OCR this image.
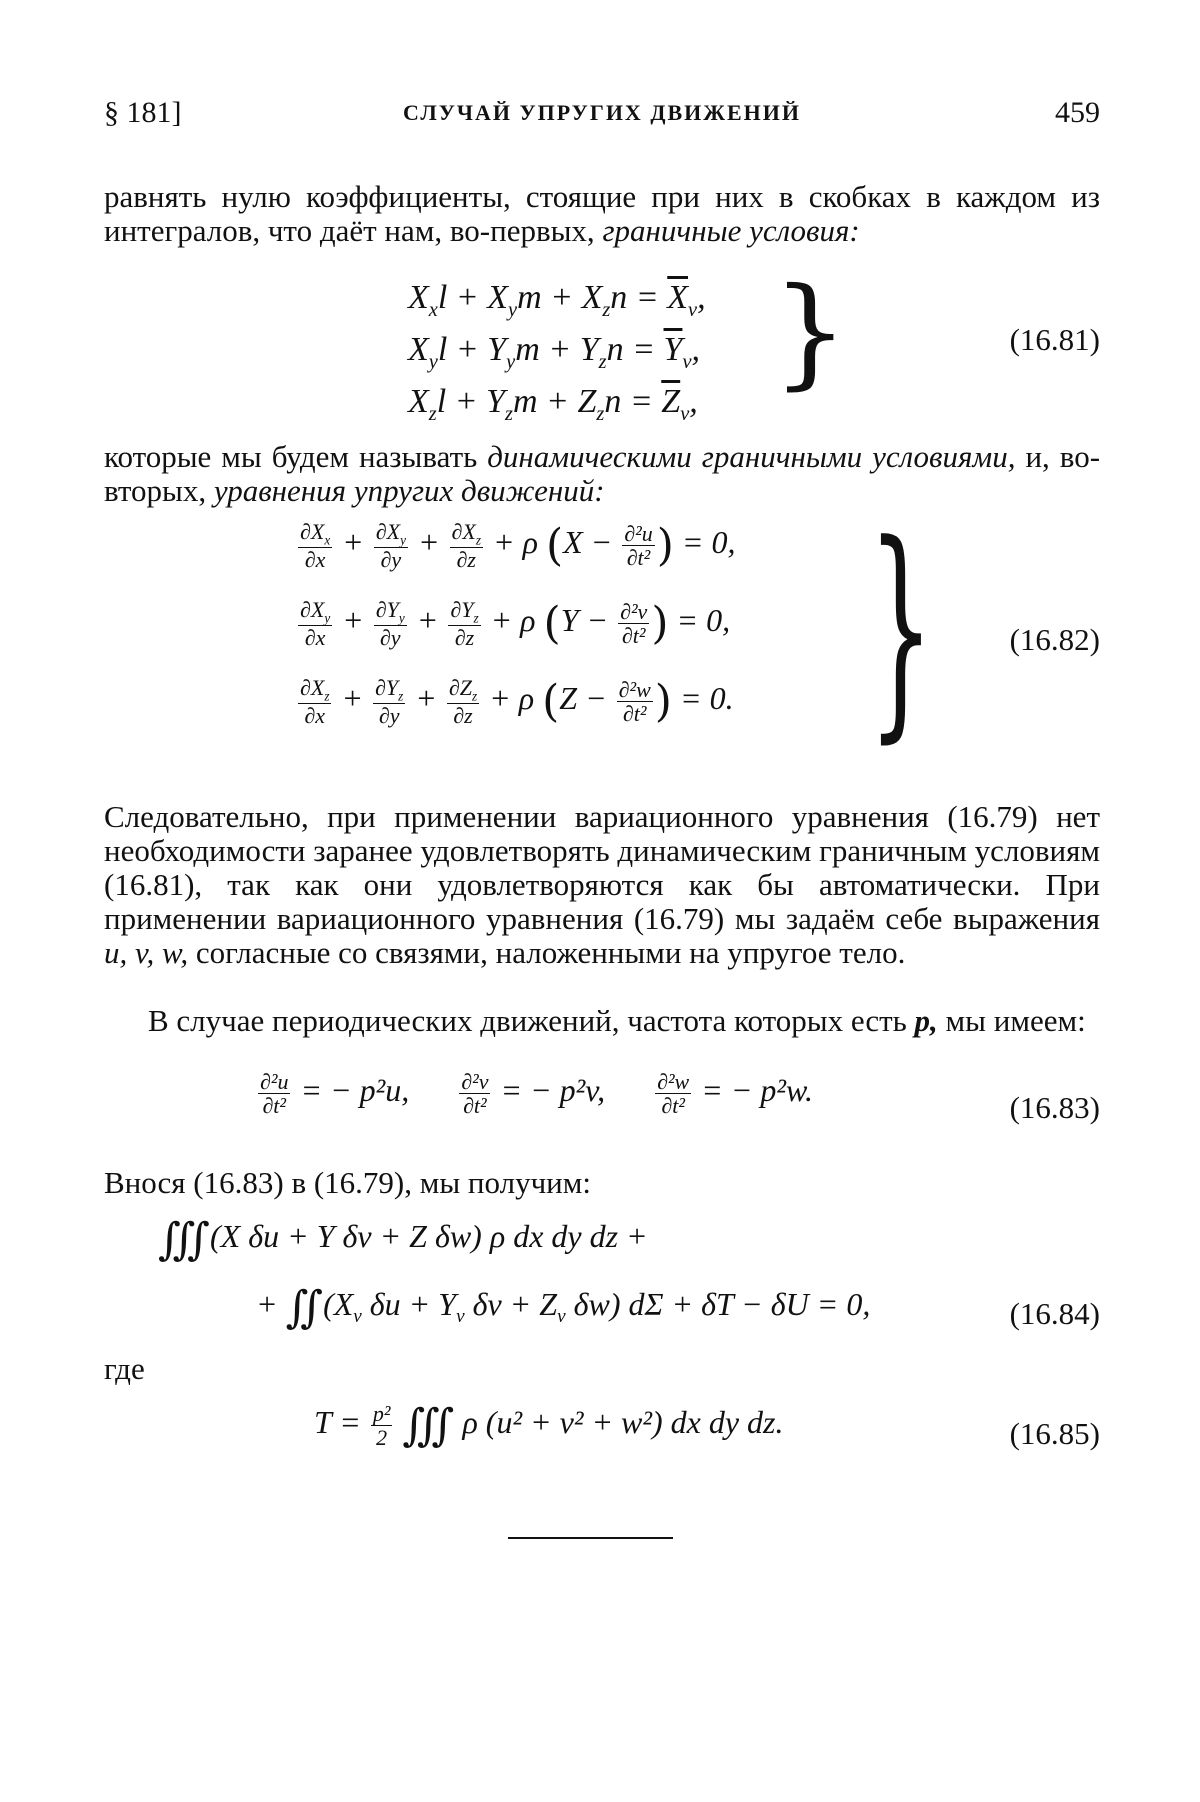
§ 181]	СЛУЧАЙ УПРУГИХ ДВИЖЕНИЙ	459
равнять нулю коэффициенты, стоящие при них в скобках в каждом из интегралов, что даёт нам, во-первых, граничные условия:
$X_xl + X_ym + X_zn = \overline{X}_\nu$,
$X_yl + Y_ym + Y_zn = \overline{Y}_\nu$,
$X_zl + Y_zm + Z_zn = \overline{Z}_\nu$, }	(16.81)
которые мы будем называть динамическими граничными условиями, и, во-вторых, уравнения упругих движений:
$\frac{\partial X_x}{\partial x} + \frac{\partial X_y}{\partial y} + \frac{\partial X_z}{\partial z} + \rho$ ($X - \frac{\text{∂²u}}{\text{∂t²}}$ ) = 0,
$\frac{\partial X_y}{\partial x} + \frac{\partial Y_y}{\partial y} + \frac{\partial Y_z}{\partial z} + \rho$ ($Y - \frac{\text{∂²v}}{\text{∂t²}}$ ) = 0,
$\frac{\partial X_z}{\partial x} + \frac{\partial Y_z}{\partial y} + \frac{\partial Z_z}{\partial z} + \rho$ ($Z - \frac{\text{∂²w}}{\text{∂t²}}$ ) = 0. } (16.82)
Следовательно, при применении вариационного уравнения (16.79) нет необходимости заранее удовлетворять динамическим граничным условиям (16.81), так как они удовлетворяются как бы автоматически. При применении вариационного уравнения (16.79) мы задаём себе выражения u, v, w, согласные со связями, наложенными на упругое тело.
В случае периодических движений, частота которых есть p, мы имеем:
$\frac{\text{∂²u}}{\text{∂t²}}$ = − p²u, $\frac{\text{∂²v}}{\text{∂t²}}$ = − p²v, $\frac{\text{∂²w}}{\text{∂t²}}$ = − p²w.	(16.83)
Внося (16.83) в (16.79), мы получим:
∭(X δu + Y δv + Z δw) ρ dx dy dz +
+ $∬(X_\nu$ $\delta u + Y_\nu$ $\delta v + Z_\nu$ δw) dΣ + δT − δU = 0,	(16.84)
где
$T = \frac{\text{p²}}{2}$ ∭ ρ (u² + v² + w²) dx dy dz.	(16.85)
